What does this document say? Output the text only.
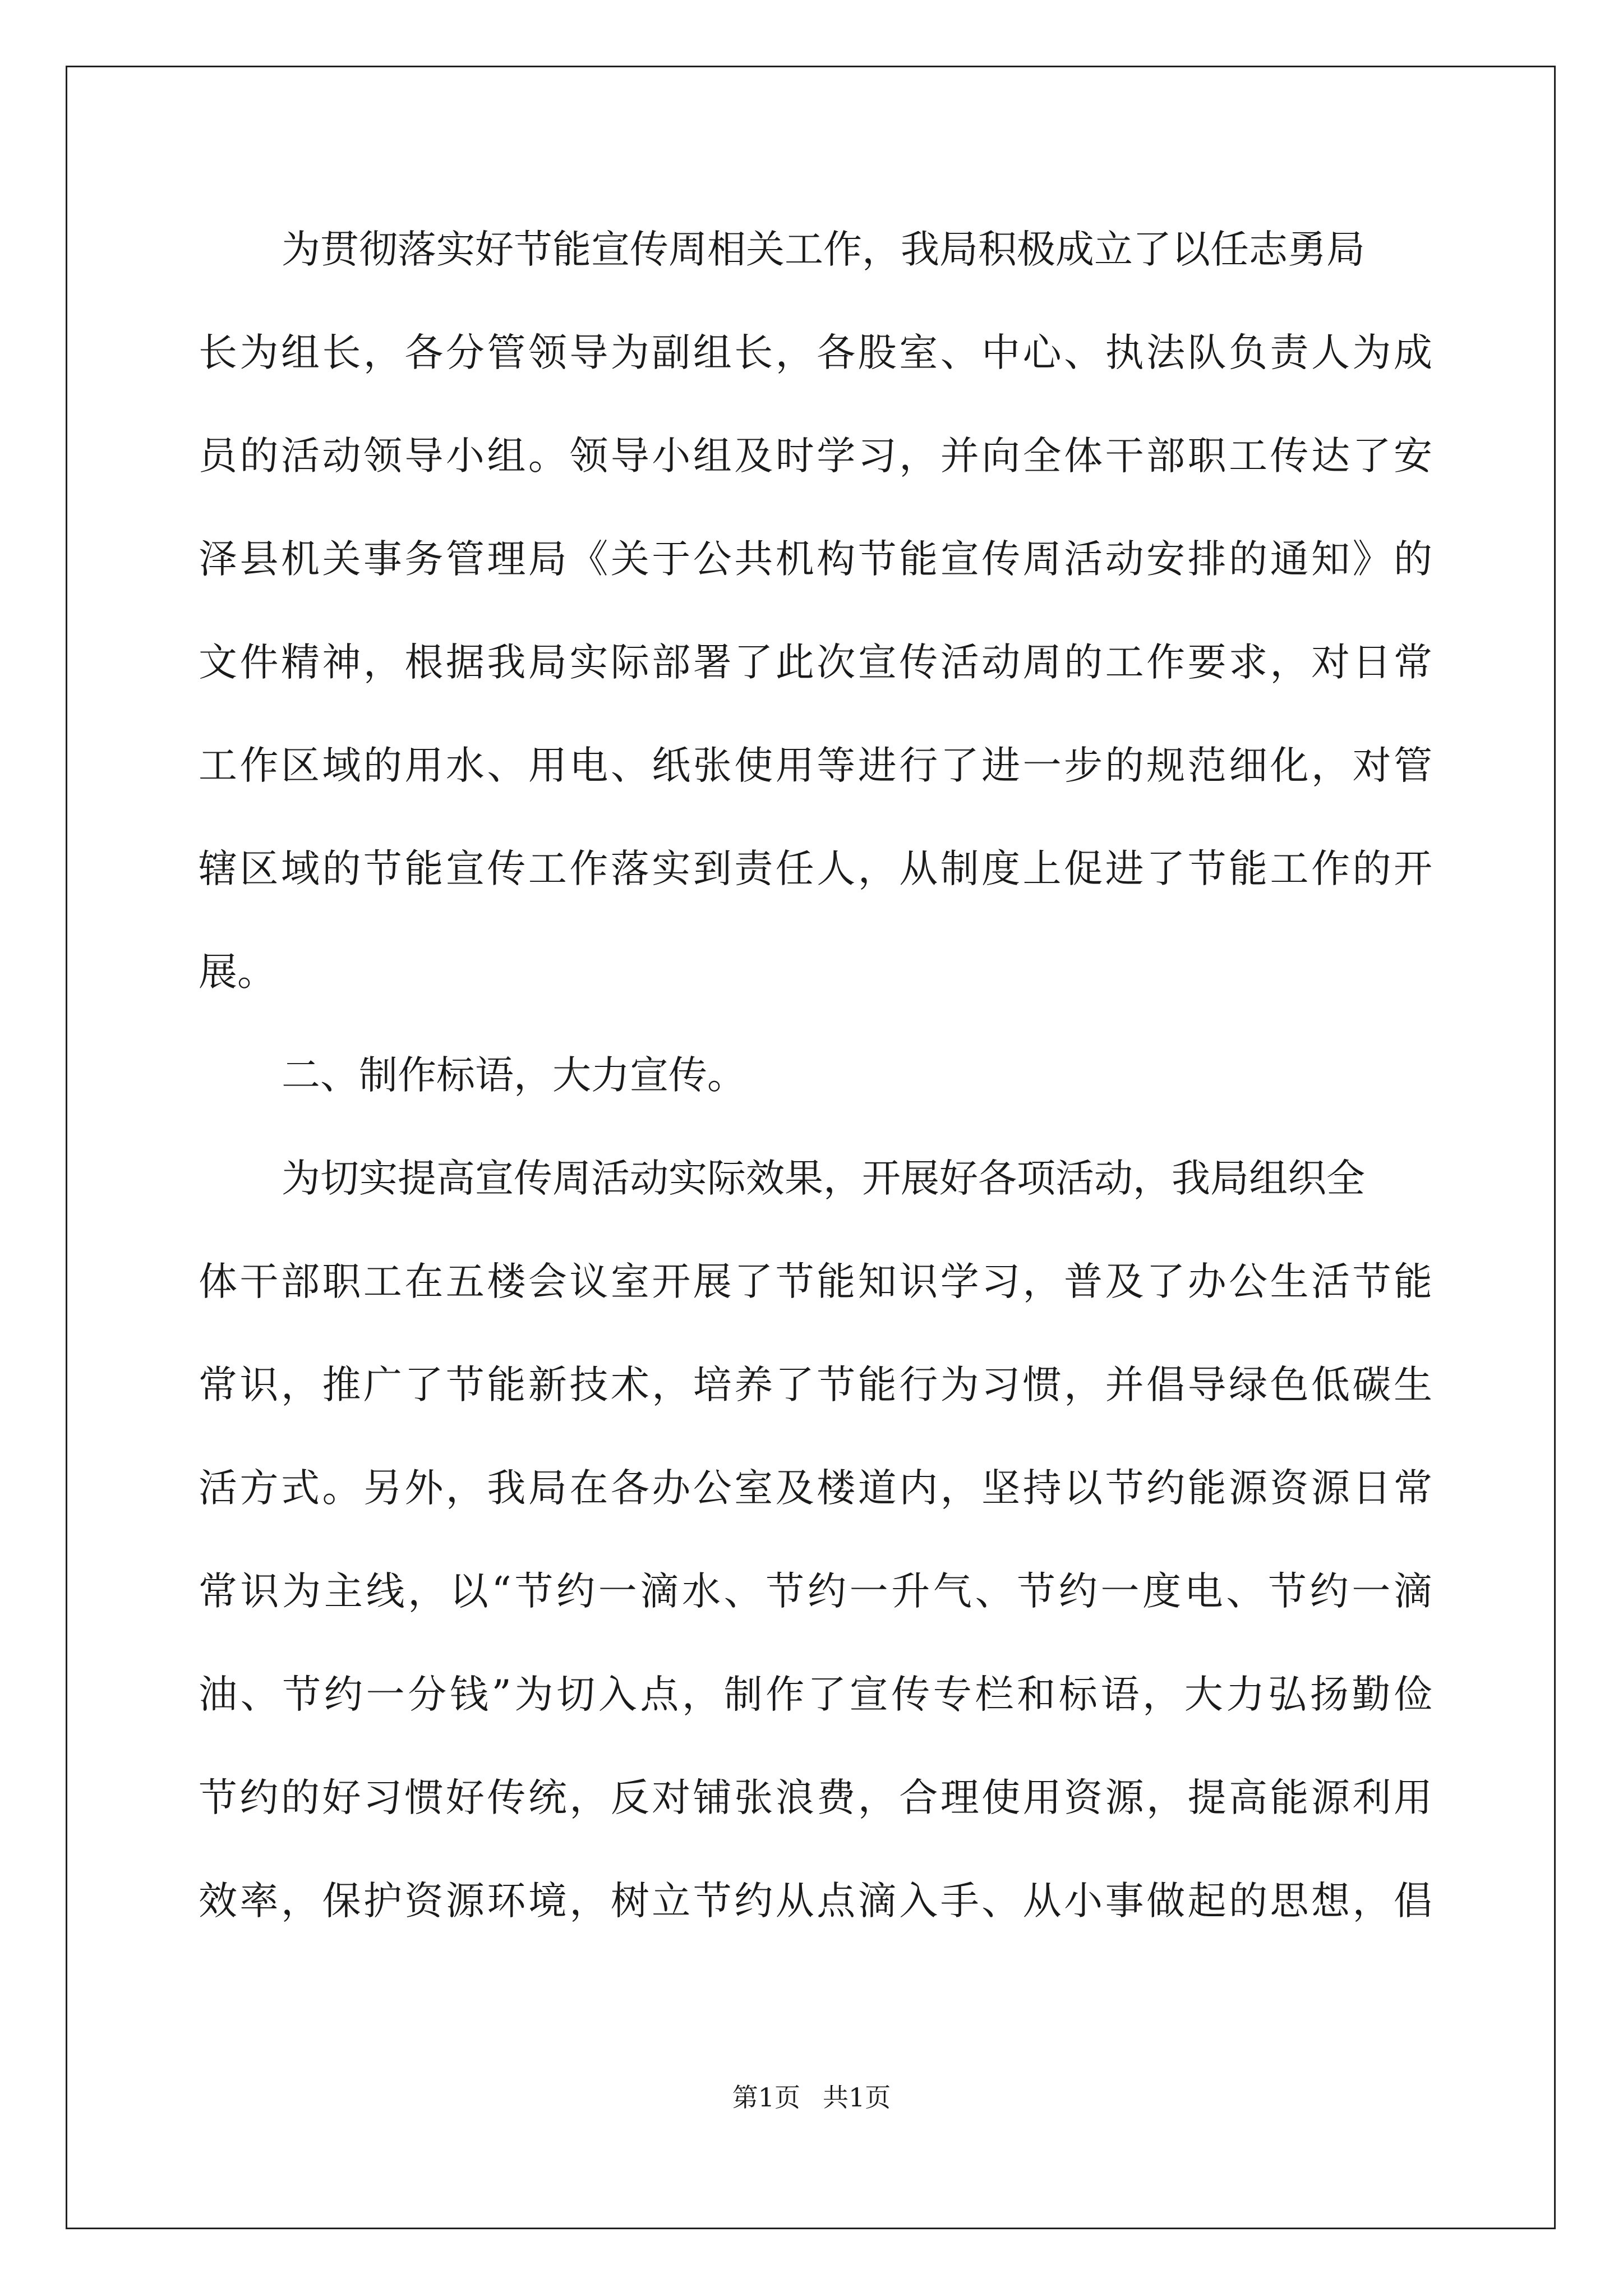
为贯彻落实好节能宣传周相关工作，我局积极成立了以任志勇局
长为组长，各分管领导为副组长，各股室、中心、执法队负责人为成
员的活动领导小组。领导小组及时学习，并向全体干部职工传达了安
泽县机关事务管理局《关于公共机构节能宣传周活动安排的通知》的
文件精神，根据我局实际部署了此次宣传活动周的工作要求，对日常
工作区域的用水、用电、纸张使用等进行了进一步的规范细化，对管
辖区域的节能宣传工作落实到责任人，从制度上促进了节能工作的开
展。
二、制作标语，大力宣传。
为切实提高宣传周活动实际效果，开展好各项活动，我局组织全
体干部职工在五楼会议室开展了节能知识学习，普及了办公生活节能
常识，推广了节能新技术，培养了节能行为习惯，并倡导绿色低碳生
活方式。另外，我局在各办公室及楼道内，坚持以节约能源资源日常
常识为主线，以“节约一滴水、节约一升气、节约一度电、节约一滴
油、节约一分钱”为切入点，制作了宣传专栏和标语，大力弘扬勤俭
节约的好习惯好传统，反对铺张浪费，合理使用资源，提高能源利用
效率，保护资源环境，树立节约从点滴入手、从小事做起的思想，倡
第1页 共1页
